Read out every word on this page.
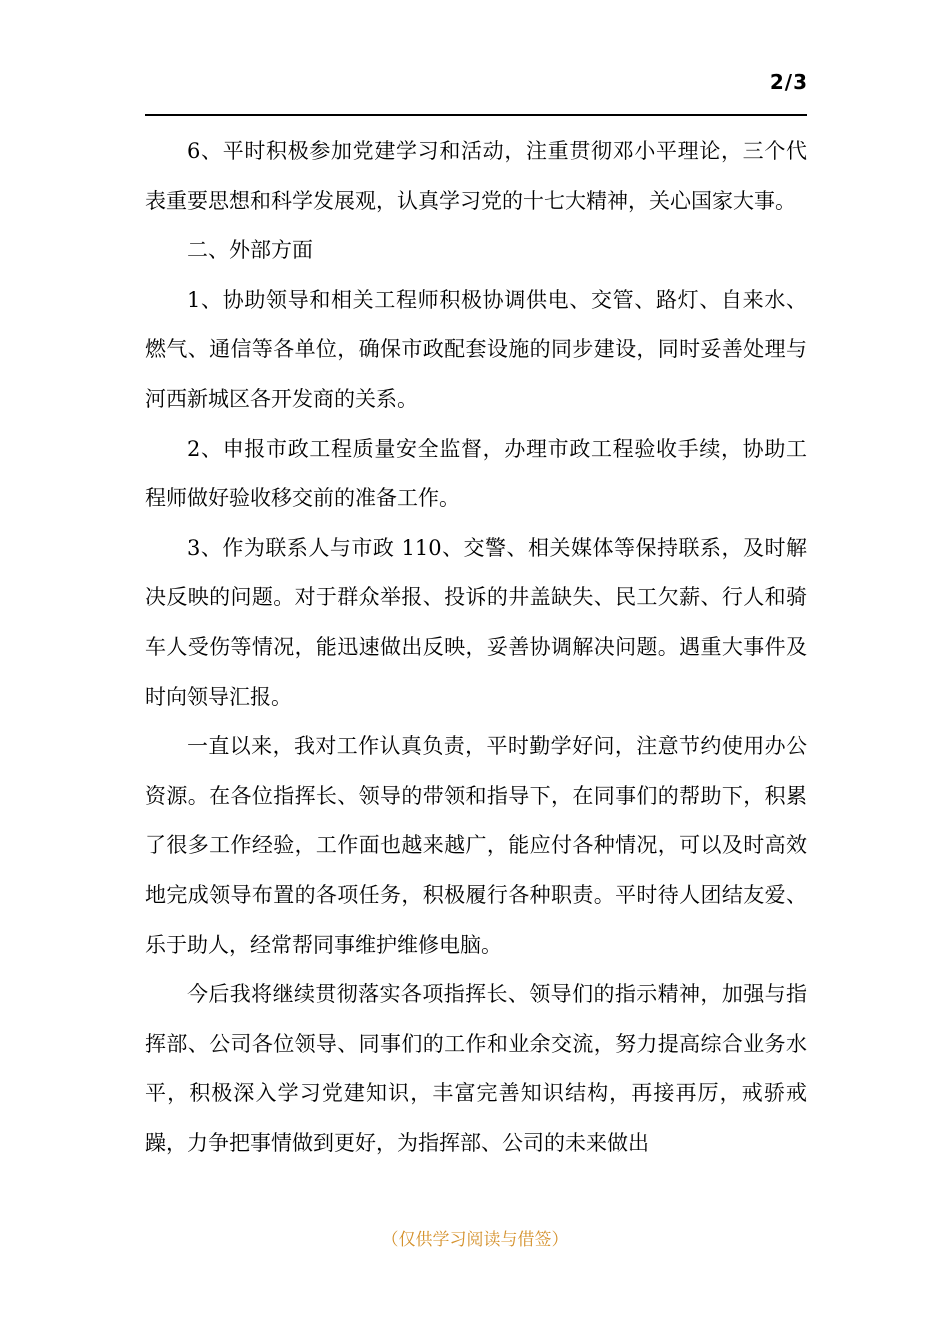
2/3

6、平时积极参加党建学习和活动，注重贯彻邓小平理论，三个代表重要思想和科学发展观，认真学习党的十七大精神，关心国家大事。

二、外部方面

1、协助领导和相关工程师积极协调供电、交管、路灯、自来水、燃气、通信等各单位，确保市政配套设施的同步建设，同时妥善处理与河西新城区各开发商的关系。

2、申报市政工程质量安全监督，办理市政工程验收手续，协助工程师做好验收移交前的准备工作。

3、作为联系人与市政 110、交警、相关媒体等保持联系，及时解决反映的问题。对于群众举报、投诉的井盖缺失、民工欠薪、行人和骑车人受伤等情况，能迅速做出反映，妥善协调解决问题。遇重大事件及时向领导汇报。

一直以来，我对工作认真负责，平时勤学好问，注意节约使用办公资源。在各位指挥长、领导的带领和指导下，在同事们的帮助下，积累了很多工作经验，工作面也越来越广，能应付各种情况，可以及时高效地完成领导布置的各项任务，积极履行各种职责。平时待人团结友爱、乐于助人，经常帮同事维护维修电脑。

今后我将继续贯彻落实各项指挥长、领导们的指示精神，加强与指挥部、公司各位领导、同事们的工作和业余交流，努力提高综合业务水平，积极深入学习党建知识，丰富完善知识结构，再接再厉，戒骄戒躁，力争把事情做到更好，为指挥部、公司的未来做出

（仅供学习阅读与借签）
